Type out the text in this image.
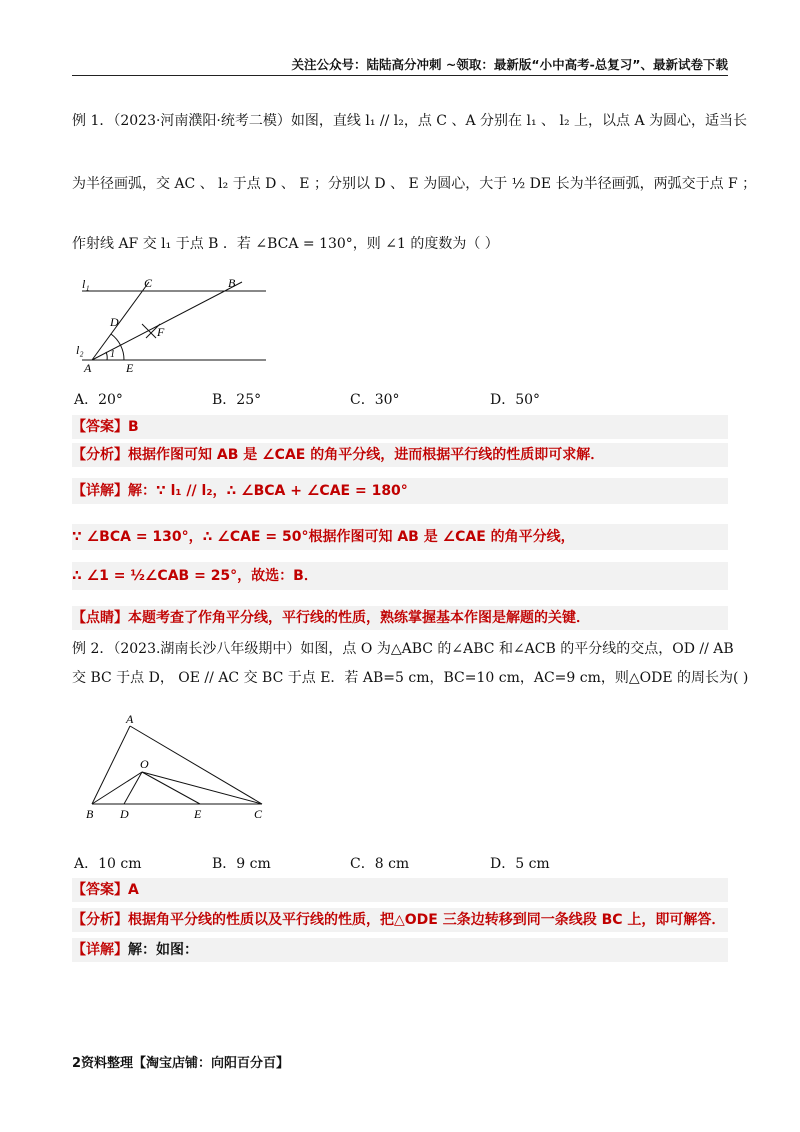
关注公众号：陆陆高分冲刺 ~领取：最新版“小中高考-总复习”、最新试卷下载
例 1．（2023·河南濮阳·统考二模）如图，直线 l₁ // l₂，点 C 、A 分别在 l₁ 、 l₂ 上，以点 A 为圆心，适当长
为半径画弧，交 AC 、 l₂ 于点 D 、 E ；分别以 D 、 E 为圆心，大于 ½ DE 长为半径画弧，两弧交于点 F ；
作射线 AF 交 l₁ 于点 B ．若 ∠BCA = 130°，则 ∠1 的度数为（ ）
l₁
l₂
C	B
D
F
A	E
1
A．20°	B．25°	C．30°	D．50°
【答案】B
【分析】根据作图可知 AB 是 ∠CAE 的角平分线，进而根据平行线的性质即可求解．
【详解】解：∵ l₁ // l₂，∴ ∠BCA + ∠CAE = 180°
∵ ∠BCA = 130°，∴ ∠CAE = 50°根据作图可知 AB 是 ∠CAE 的角平分线，
∴ ∠1 = ½∠CAB = 25°，故选：B．
【点睛】本题考查了作角平分线，平行线的性质，熟练掌握基本作图是解题的关键．
例 2．（2023.湖南长沙八年级期中）如图，点 O 为△ABC 的∠ABC 和∠ACB 的平分线的交点，OD // AB
交 BC 于点 D， OE // AC 交 BC 于点 E．若 AB=5 cm，BC=10 cm，AC=9 cm，则△ODE 的周长为( )
A
O
B D	E	C
A．10 cm	B．9 cm	C．8 cm	D．5 cm
【答案】A
【分析】根据角平分线的性质以及平行线的性质，把△ODE 三条边转移到同一条线段 BC 上，即可解答．
【详解】解：如图：
2资料整理【淘宝店铺：向阳百分百】
